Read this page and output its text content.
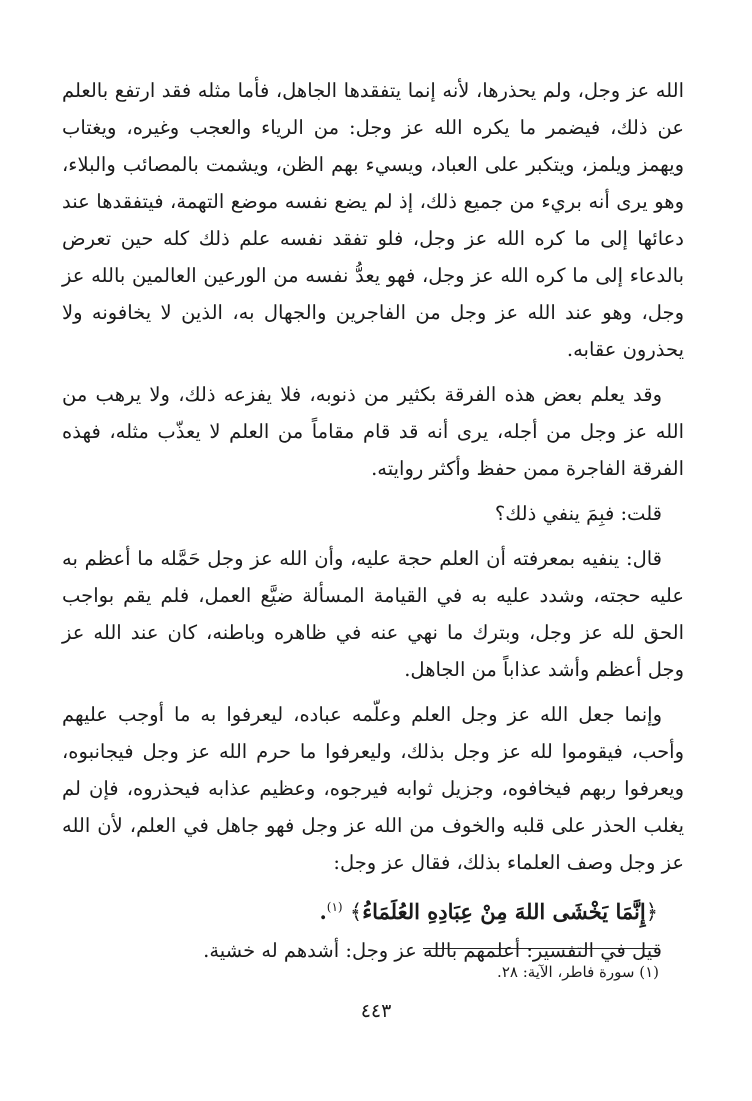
الله عز وجل، ولم يحذرها، لأنه إنما يتفقدها الجاهل، فأما مثله فقد ارتفع بالعلم عن ذلك، فيضمر ما يكره الله عز وجل: من الرياء والعجب وغيره، ويغتاب ويهمز ويلمز، ويتكبر على العباد، ويسيء بهم الظن، ويشمت بالمصائب والبلاء، وهو يرى أنه بريء من جميع ذلك، إذ لم يضع نفسه موضع التهمة، فيتفقدها عند دعائها إلى ما كره الله عز وجل، فلو تفقد نفسه علم ذلك كله حين تعرض بالدعاء إلى ما كره الله عز وجل، فهو يعدُّ نفسه من الورعين العالمين بالله عز وجل، وهو عند الله عز وجل من الفاجرين والجهال به، الذين لا يخافونه ولا يحذرون عقابه.

وقد يعلم بعض هذه الفرقة بكثير من ذنوبه، فلا يفزعه ذلك، ولا يرهب من الله عز وجل من أجله، يرى أنه قد قام مقاماً من العلم لا يعذّب مثله، فهذه الفرقة الفاجرة ممن حفظ وأكثر روايته.

قلت: فبِمَ ينفي ذلك؟

قال: ينفيه بمعرفته أن العلم حجة عليه، وأن الله عز وجل حَمَّله ما أعظم به عليه حجته، وشدد عليه به في القيامة المسألة ضيَّع العمل، فلم يقم بواجب الحق لله عز وجل، وبترك ما نهي عنه في ظاهره وباطنه، كان عند الله عز وجل أعظم وأشد عذاباً من الجاهل.

وإنما جعل الله عز وجل العلم وعلّمه عباده، ليعرفوا به ما أوجب عليهم وأحب، فيقوموا لله عز وجل بذلك، وليعرفوا ما حرم الله عز وجل فيجانبوه، ويعرفوا ربهم فيخافوه، وجزيل ثوابه فيرجوه، وعظيم عذابه فيحذروه، فإن لم يغلب الحذر على قلبه والخوف من الله عز وجل فهو جاهل في العلم، لأن الله عز وجل وصف العلماء بذلك، فقال عز وجل:

﴿إِنَّمَا يَخْشَى اللهَ مِنْ عِبَادِهِ العُلَمَاءُ﴾ $^{(١)}$.

قيل في التفسير: أعلمهم بالله عز وجل: أشدهم له خشية.

(١) سورة فاطر، الآية: ٢٨.
٤٤٣
